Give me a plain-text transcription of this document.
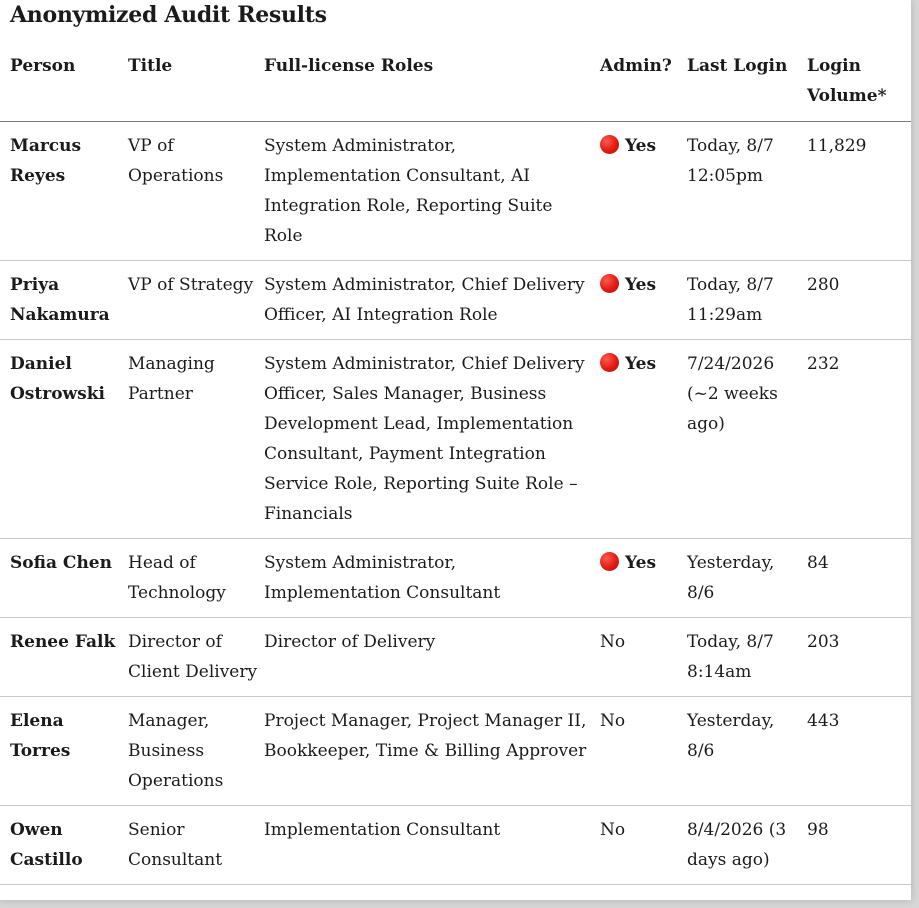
Anonymized Audit Results
Person	Title	Full-license Roles	Admin?	Last Login	Login Volume*
Marcus Reyes	VP of Operations	System Administrator, Implementation Consultant, AI Integration Role, Reporting Suite Role	Yes	Today, 8/7 12:05pm	11,829
Priya Nakamura	VP of Strategy	System Administrator, Chief Delivery Officer, AI Integration Role	Yes	Today, 8/7 11:29am	280
Daniel Ostrowski	Managing Partner	System Administrator, Chief Delivery Officer, Sales Manager, Business Development Lead, Implementation Consultant, Payment Integration Service Role, Reporting Suite Role – Financials	Yes	7/24/2026 (~2 weeks ago)	232
Sofia Chen	Head of Technology	System Administrator, Implementation Consultant	Yes	Yesterday, 8/6	84
Renee Falk	Director of Client Delivery	Director of Delivery	No	Today, 8/7 8:14am	203
Elena Torres	Manager, Business Operations	Project Manager, Project Manager II, Bookkeeper, Time & Billing Approver	No	Yesterday, 8/6	443
Owen Castillo	Senior Consultant	Implementation Consultant	No	8/4/2026 (3 days ago)	98
